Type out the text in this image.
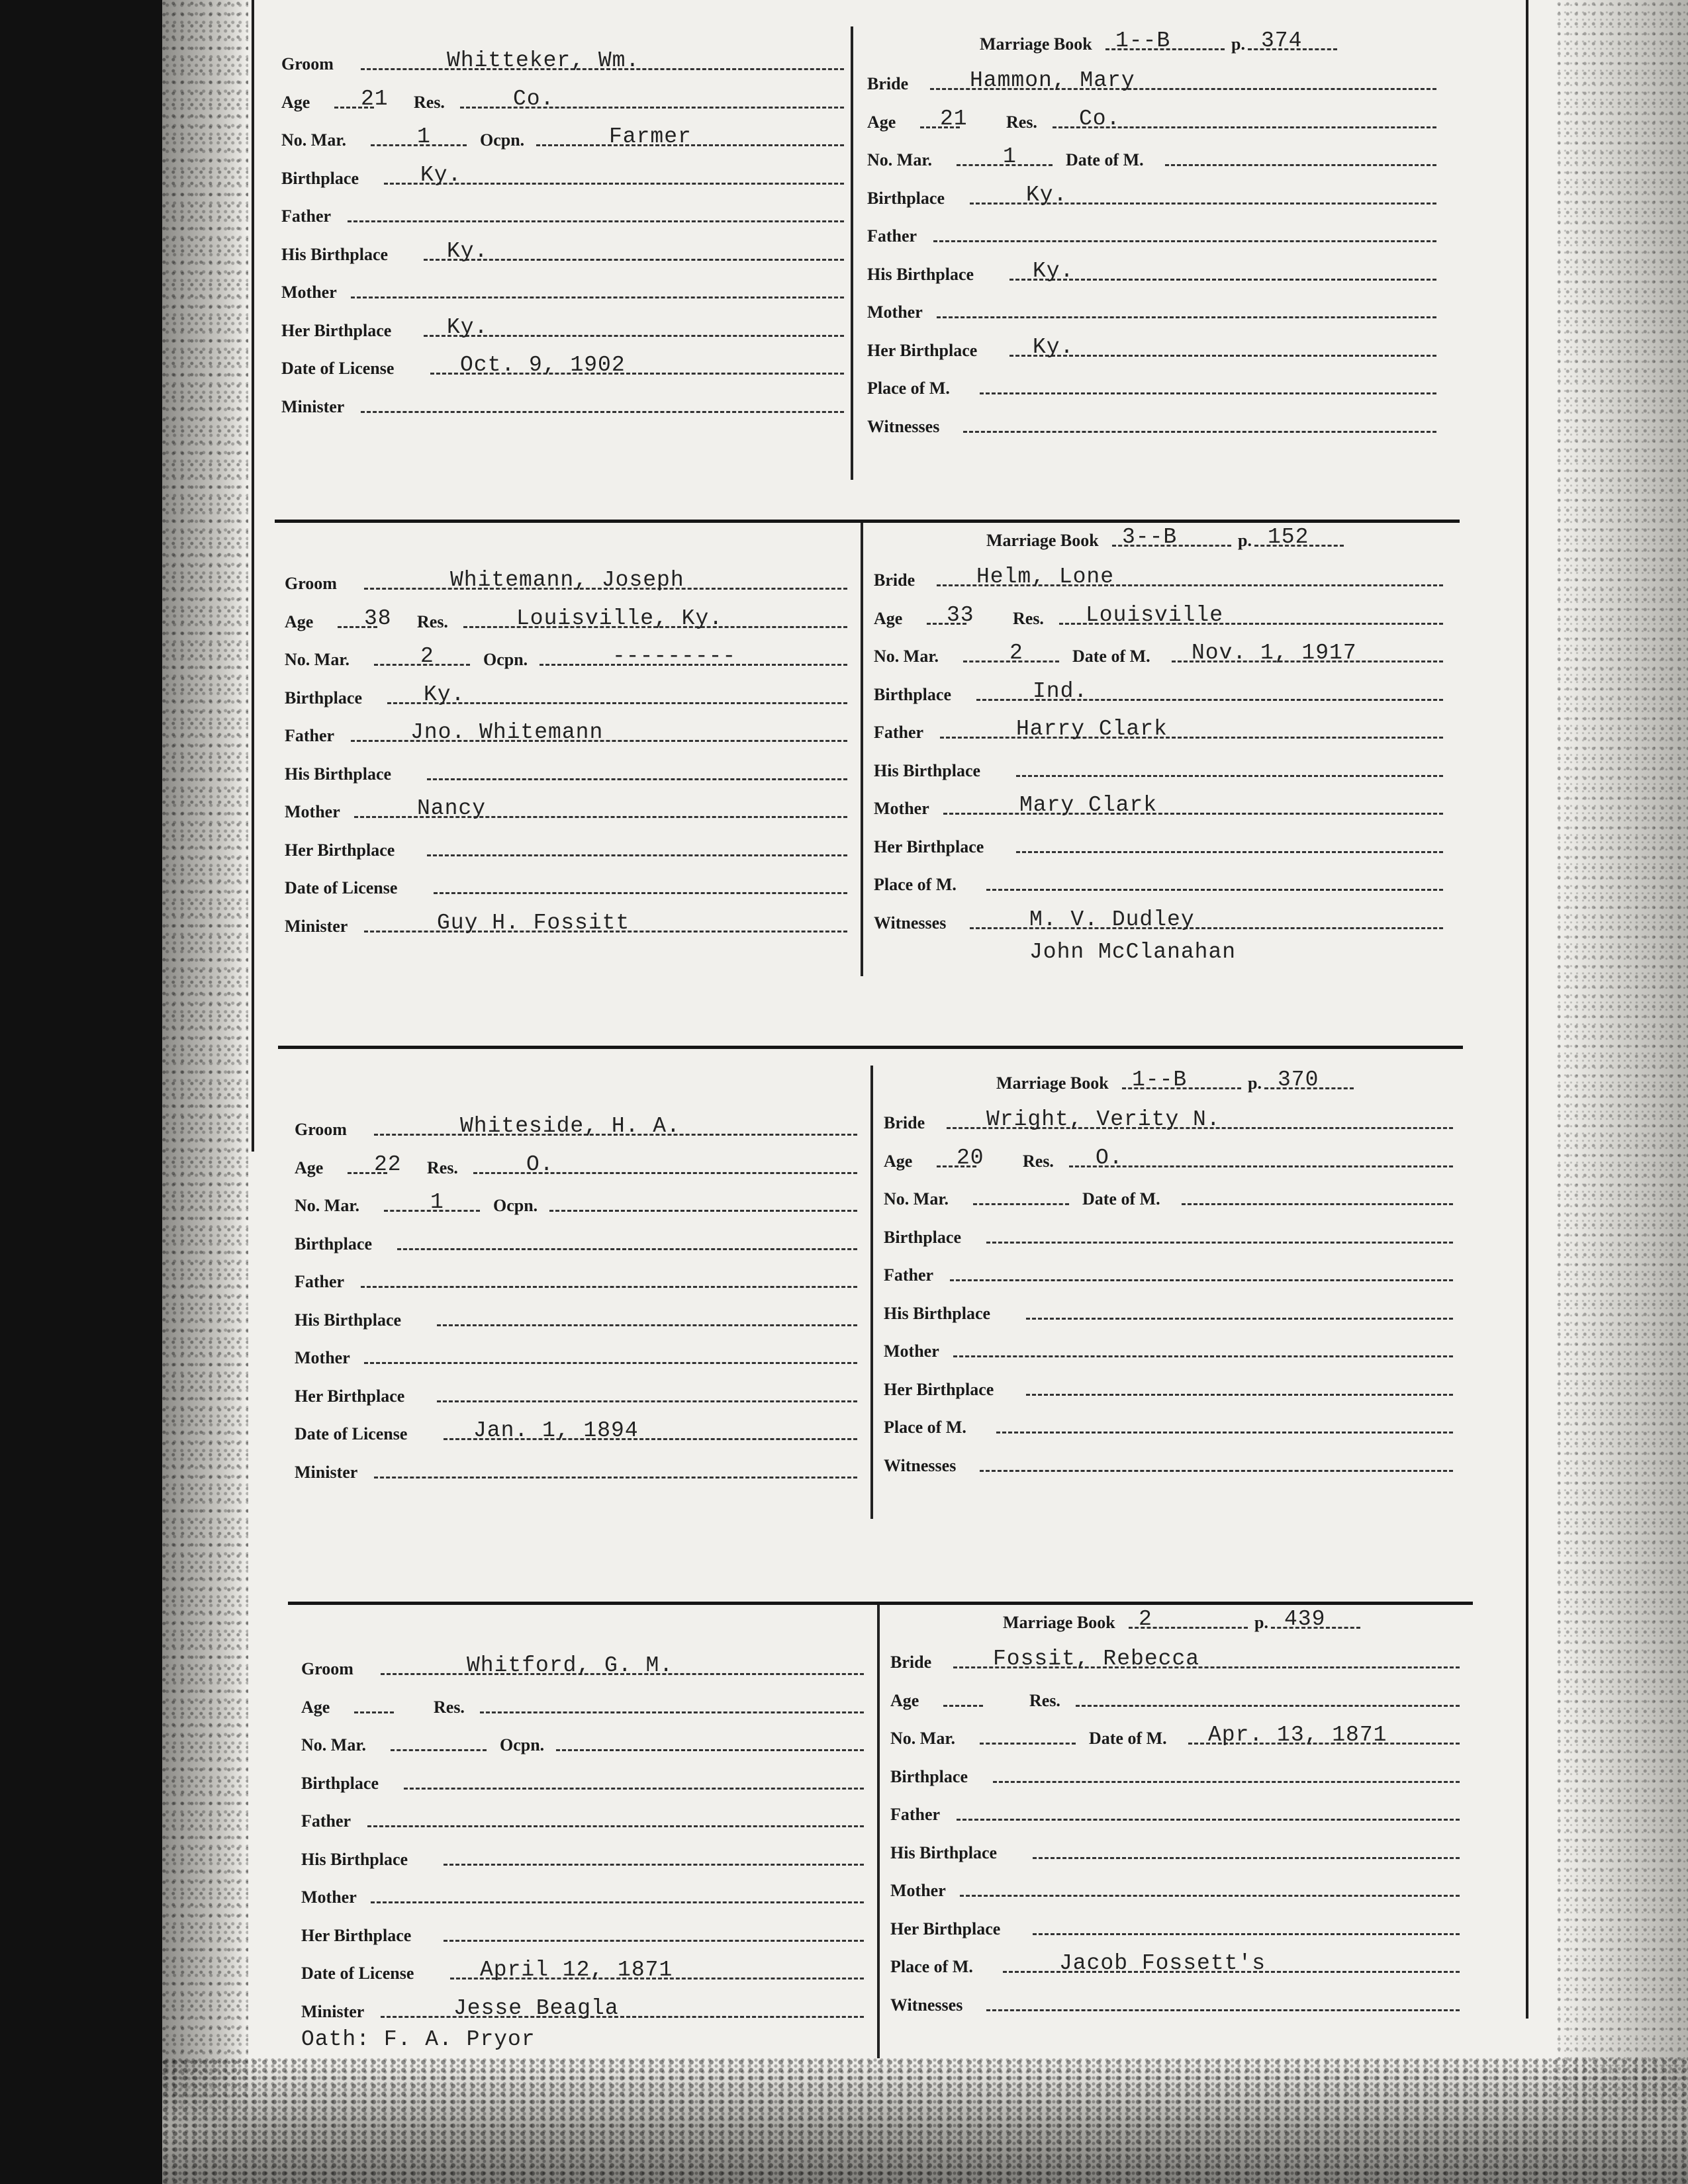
Groom	Whitteker, Wm.
Age 21 Res.	Co.
No. Mar.	1	Ocpn.	Farmer
Birthplace	Ky.
Father
His Birthplace	Ky.
Mother
Her Birthplace	Ky.
Date of License	Oct. 9, 1902
Minister
Marriage Book 1--B	p. 374
Bride	Hammon, Mary
Age 21 Res. Co.
No. Mar.	1	Date of M.
Birthplace	Ky.
Father
His Birthplace	Ky.
Mother
Her Birthplace	Ky.
Place of M.
Witnesses
Groom	Whitemann, Joseph
Age 38 Res.	Louisville, Ky.
No. Mar.	2	Ocpn.	---------
Birthplace	Ky.
Father	Jno. Whitemann
His Birthplace
Mother	Nancy
Her Birthplace
Date of License
Minister	Guy H. Fossitt
Marriage Book 3--B	p. 152
Bride	Helm, Lone
Age 33 Res. Louisville
No. Mar.	2	Date of M. Nov. 1, 1917
Birthplace	Ind.
Father	Harry Clark
His Birthplace
Mother	Mary Clark
Her Birthplace
Place of M.
Witnesses	M. V. Dudley
John McClanahan
Groom	Whiteside, H. A.
Age 22 Res.	O.
No. Mar.	1	Ocpn.
Birthplace
Father
His Birthplace
Mother
Her Birthplace
Date of License	Jan. 1, 1894
Minister
Marriage Book 1--B	p. 370
Bride	Wright, Verity N.
Age 20 Res. O.
No. Mar.	Date of M.
Birthplace
Father
His Birthplace
Mother
Her Birthplace
Place of M.
Witnesses
Groom	Whitford, G. M.
Age	Res.
No. Mar.	Ocpn.
Birthplace
Father
His Birthplace
Mother
Her Birthplace
Date of License	April 12, 1871
Minister	Jesse Beagla
Oath: F. A. Pryor
Marriage Book 2	p. 439
Bride	Fossit, Rebecca
Age	Res.
No. Mar.	Date of M. Apr. 13, 1871
Birthplace
Father
His Birthplace
Mother
Her Birthplace
Place of M.	Jacob Fossett's
Witnesses
